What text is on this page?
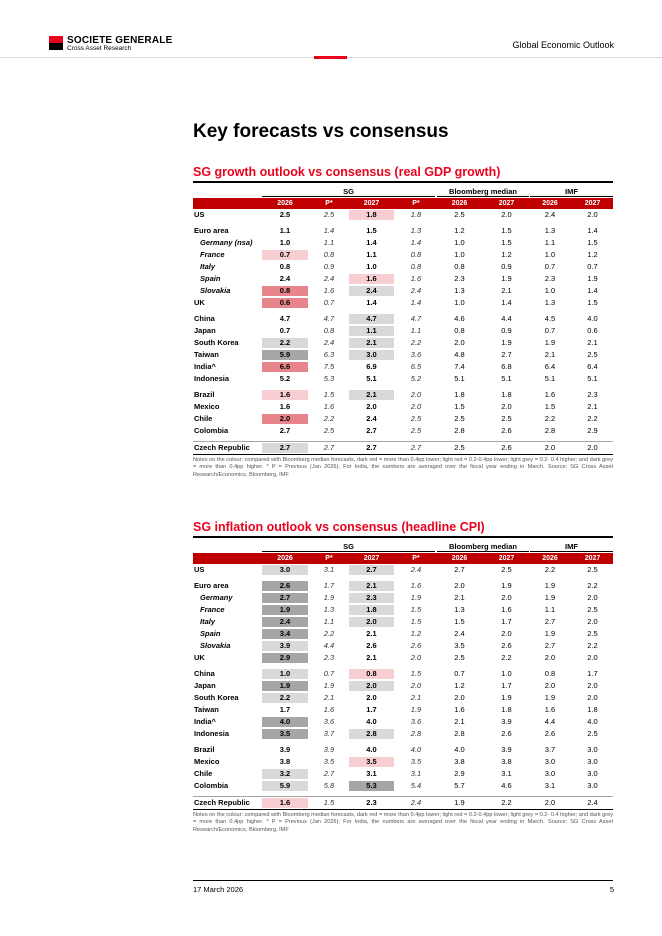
SOCIETE GENERALE
Cross Asset Research	Global Economic Outlook
Key forecasts vs consensus
SG growth outlook vs consensus (real GDP growth)
SG	Bloomberg median	IMF
2026	P*	2027	P*	2026	2027	2026	2027
US	2.5	2.5	1.8	1.8	2.5	2.0	2.4	2.0
Euro area	1.1	1.4	1.5	1.3	1.2	1.5	1.3	1.4
Germany (nsa)	1.0	1.1	1.4	1.4	1.0	1.5	1.1	1.5
France	0.7	0.8	1.1	0.8	1.0	1.2	1.0	1.2
Italy	0.8	0.9	1.0	0.8	0.8	0.9	0.7	0.7
Spain	2.4	2.4	1.6	1.6	2.3	1.9	2.3	1.9
Slovakia	0.8	1.6	2.4	2.4	1.3	2.1	1.0	1.4
UK	0.6	0.7	1.4	1.4	1.0	1.4	1.3	1.5
China	4.7	4.7	4.7	4.7	4.6	4.4	4.5	4.0
Japan	0.7	0.8	1.1	1.1	0.8	0.9	0.7	0.6
South Korea	2.2	2.4	2.1	2.2	2.0	1.9	1.9	2.1
Taiwan	5.9	6.3	3.0	3.6	4.8	2.7	2.1	2.5
India^	6.6	7.5	6.9	6.5	7.4	6.8	6.4	6.4
Indonesia	5.2	5.3	5.1	5.2	5.1	5.1	5.1	5.1
Brazil	1.6	1.5	2.1	2.0	1.8	1.8	1.6	2.3
Mexico	1.6	1.6	2.0	2.0	1.5	2.0	1.5	2.1
Chile	2.0	2.2	2.4	2.5	2.5	2.5	2.2	2.2
Colombia	2.7	2.5	2.7	2.5	2.8	2.6	2.8	2.9
Czech Republic	2.7	2.7	2.7	2.7	2.5	2.6	2.0	2.0
Notes on the colour: compared with Bloomberg median forecasts, dark red = more than 0.4pp lower; light red = 0.2-0.4pp lower; light grey = 0.2- 0.4 higher; and dark grey = more than 0.4pp higher. * P = Previous (Jan 2026); For India, the numbers are averaged over the fiscal year ending in March. Source: SG Cross Asset Research/Economics, Bloomberg, IMF
SG inflation outlook vs consensus (headline CPI)
SG	Bloomberg median	IMF
2026	P*	2027	P*	2026	2027	2026	2027
US	3.0	3.1	2.7	2.4	2.7	2.5	2.2	2.5
Euro area	2.6	1.7	2.1	1.6	2.0	1.9	1.9	2.2
Germany	2.7	1.9	2.3	1.9	2.1	2.0	1.9	2.0
France	1.9	1.3	1.8	1.5	1.3	1.6	1.1	2.5
Italy	2.4	1.1	2.0	1.5	1.5	1.7	2.7	2.0
Spain	3.4	2.2	2.1	1.2	2.4	2.0	1.9	2.5
Slovakia	3.9	4.4	2.6	2.6	3.5	2.6	2.7	2.2
UK	2.9	2.3	2.1	2.0	2.5	2.2	2.0	2.0
China	1.0	0.7	0.8	1.5	0.7	1.0	0.8	1.7
Japan	1.9	1.9	2.0	2.0	1.2	1.7	2.0	2.0
South Korea	2.2	2.1	2.0	2.1	2.0	1.9	1.9	2.0
Taiwan	1.7	1.6	1.7	1.9	1.6	1.8	1.6	1.8
India^	4.0	3.6	4.0	3.6	2.1	3.9	4.4	4.0
Indonesia	3.5	3.7	2.8	2.8	2.8	2.6	2.6	2.5
Brazil	3.9	3.9	4.0	4.0	4.0	3.9	3.7	3.0
Mexico	3.8	3.5	3.5	3.5	3.8	3.8	3.0	3.0
Chile	3.2	2.7	3.1	3.1	2.9	3.1	3.0	3.0
Colombia	5.9	5.8	5.3	5.4	5.7	4.6	3.1	3.0
Czech Republic	1.6	1.5	2.3	2.4	1.9	2.2	2.0	2.4
Notes on the colour: compared with Bloomberg median forecasts, dark red = more than 0.4pp lower; light red = 0.2-0.4pp lower; light grey = 0.2- 0.4 higher; and dark grey = more than 0.4pp higher. * P = Previous (Jan 2026); For India, the numbers are averaged over the fiscal year ending in March. Source: SG Cross Asset Research/Economics, Bloomberg, IMF
17 March 2026	5
